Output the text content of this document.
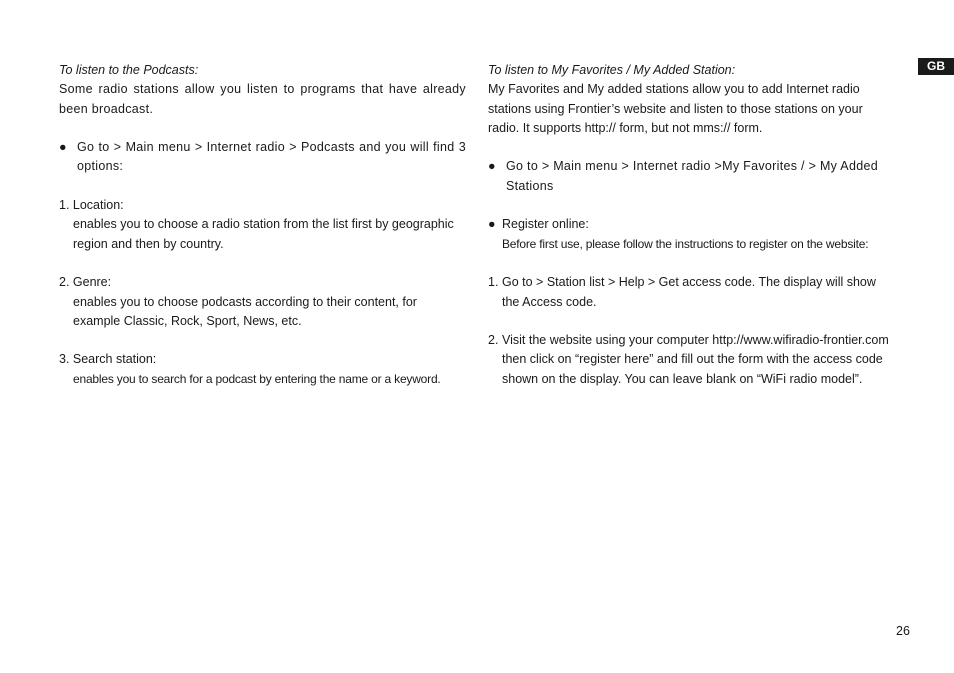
GB
To listen to the Podcasts:
Some radio stations allow you listen to programs that have already been broadcast.
● Go to > Main menu > Internet radio > Podcasts and you will find 3 options:
1. Location:
enables you to choose a radio station from the list first by geographic region and then by country.
2. Genre:
enables you to choose podcasts according to their content, for example Classic, Rock, Sport, News, etc.
3. Search station:
enables you to search for a podcast by entering the name or a keyword.
To listen to My Favorites / My Added Station:
My Favorites and My added stations allow you to add Internet radio stations using Frontier’s website and listen to those stations on your radio. It supports http:// form, but not mms:// form.
● Go to > Main menu > Internet radio >My Favorites / > My Added Stations
● Register online:
Before first use, please follow the instructions to register on the website:
1. Go to > Station list > Help > Get access code. The display will show the Access code.
2. Visit the website using your computer http://www.wifiradio-frontier.com then click on “register here” and fill out the form with the access code shown on the display. You can leave blank on “WiFi radio model”.
26
